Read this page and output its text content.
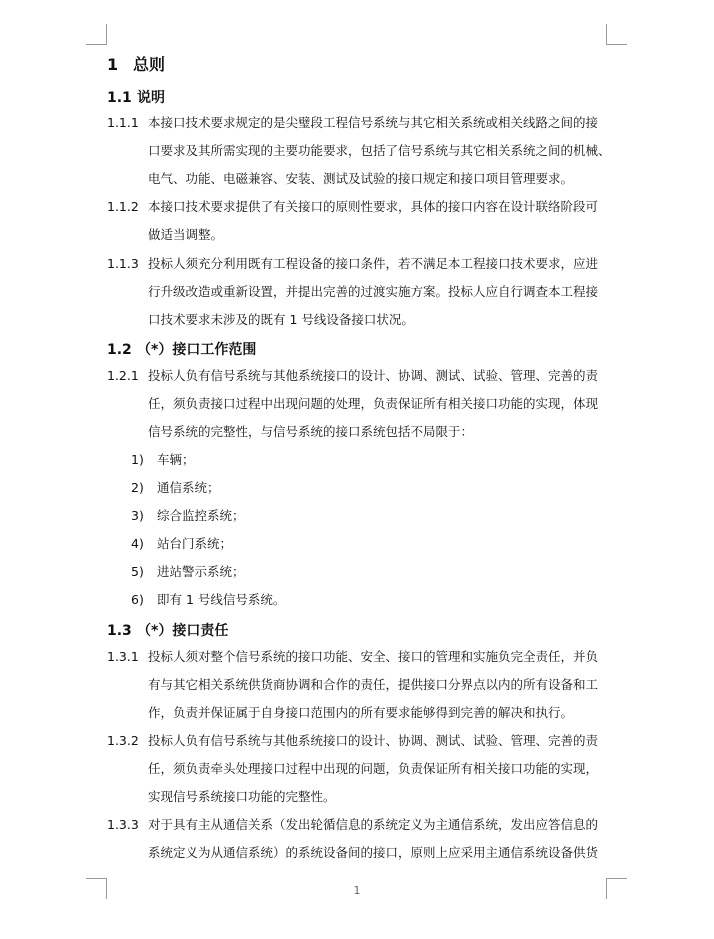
1 总则
1.1 说明
1.1.1 本接口技术要求规定的是尖璧段工程信号系统与其它相关系统或相关线路之间的接
口要求及其所需实现的主要功能要求，包括了信号系统与其它相关系统之间的机械、
电气、功能、电磁兼容、安装、测试及试验的接口规定和接口项目管理要求。
1.1.2 本接口技术要求提供了有关接口的原则性要求，具体的接口内容在设计联络阶段可
做适当调整。
1.1.3 投标人须充分利用既有工程设备的接口条件，若不满足本工程接口技术要求，应进
行升级改造或重新设置，并提出完善的过渡实施方案。投标人应自行调查本工程接
口技术要求未涉及的既有 1 号线设备接口状况。
1.2 （*）接口工作范围
1.2.1 投标人负有信号系统与其他系统接口的设计、协调、测试、试验、管理、完善的责
任，须负责接口过程中出现问题的处理，负责保证所有相关接口功能的实现，体现
信号系统的完整性，与信号系统的接口系统包括不局限于：
1) 车辆；
2) 通信系统；
3) 综合监控系统；
4) 站台门系统；
5) 进站警示系统；
6) 即有 1 号线信号系统。
1.3 （*）接口责任
1.3.1 投标人须对整个信号系统的接口功能、安全、接口的管理和实施负完全责任，并负
有与其它相关系统供货商协调和合作的责任，提供接口分界点以内的所有设备和工
作，负责并保证属于自身接口范围内的所有要求能够得到完善的解决和执行。
1.3.2 投标人负有信号系统与其他系统接口的设计、协调、测试、试验、管理、完善的责
任，须负责牵头处理接口过程中出现的问题，负责保证所有相关接口功能的实现，
实现信号系统接口功能的完整性。
1.3.3 对于具有主从通信关系（发出轮循信息的系统定义为主通信系统，发出应答信息的
系统定义为从通信系统）的系统设备间的接口，原则上应采用主通信系统设备供货
1
